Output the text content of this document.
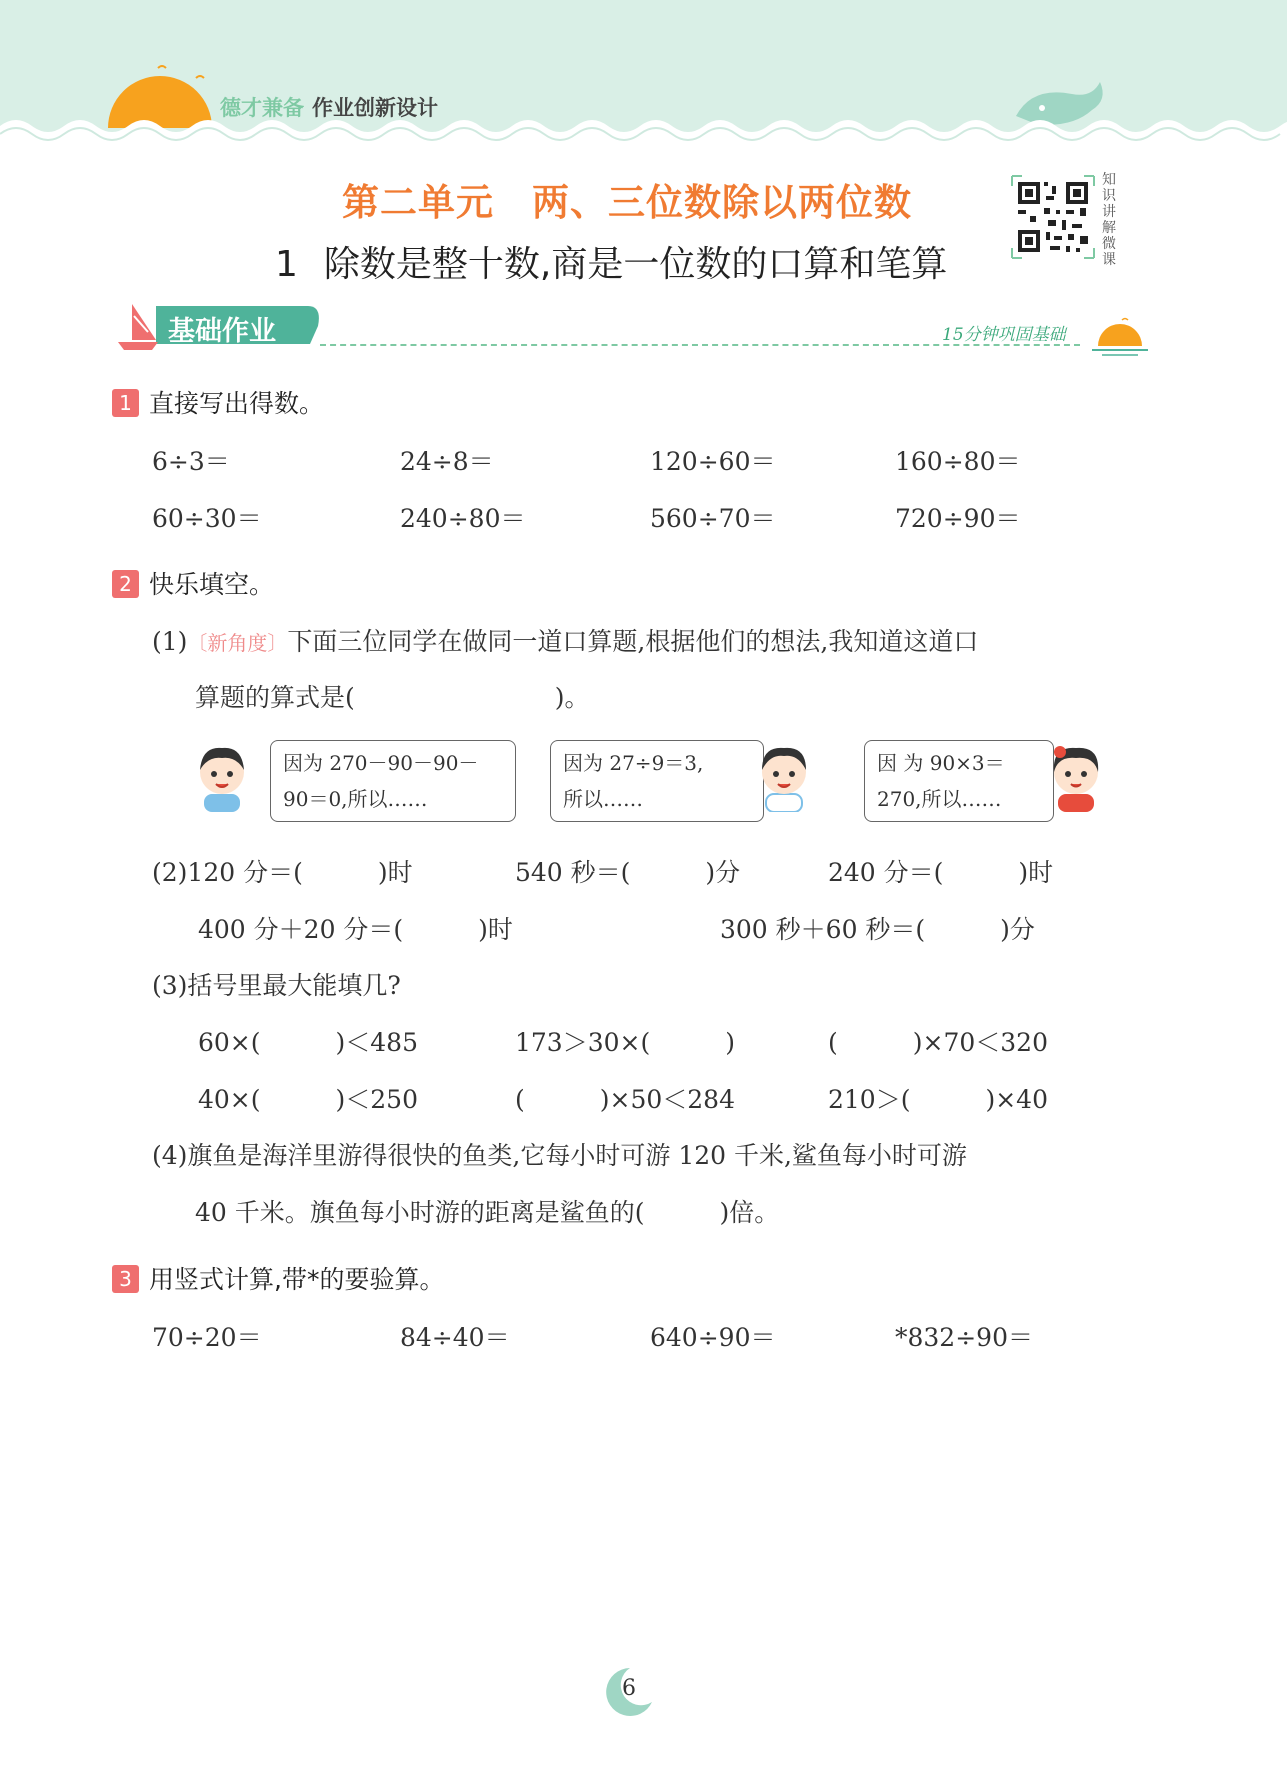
德才兼备 作业创新设计
第二单元 两、三位数除以两位数
1 除数是整十数,商是一位数的口算和笔算
知识讲解微课
基础作业	15分钟巩固基础
1 直接写出得数。
6÷3＝	24÷8＝	120÷60＝	160÷80＝
60÷30＝	240÷80＝	560÷70＝	720÷90＝
2 快乐填空。
(1)〔新角度〕下面三位同学在做同一道口算题,根据他们的想法,我知道这道口
算题的算式是(　　　　　　　　)。
因为 270－90－90－
90＝0,所以……
因为 27÷9＝3,
所以……
因 为 90×3＝
270,所以……
(2)120 分＝(　　　)时	540 秒＝(　　　)分	240 分＝(　　　)时
400 分＋20 分＝(　　　)时	300 秒＋60 秒＝(　　　)分
(3)括号里最大能填几?
60×(　　　)＜485	173＞30×(　　　)	(　　　)×70＜320
40×(　　　)＜250	(　　　)×50＜284	210＞(　　　)×40
(4)旗鱼是海洋里游得很快的鱼类,它每小时可游 120 千米,鲨鱼每小时可游
40 千米。旗鱼每小时游的距离是鲨鱼的(　　　)倍。
3 用竖式计算,带*的要验算。
70÷20＝	84÷40＝	640÷90＝	*832÷90＝
6
